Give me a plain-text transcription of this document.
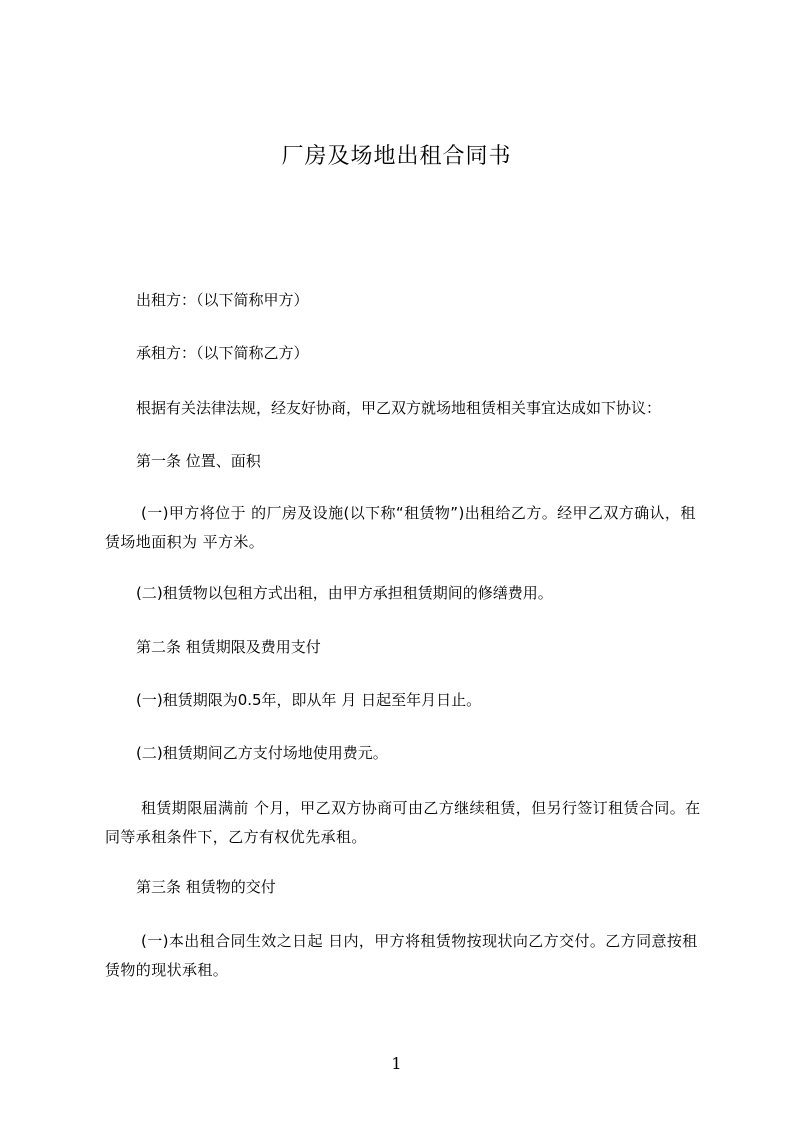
厂房及场地出租合同书

出租方：（以下简称甲方）

承租方：（以下简称乙方）

根据有关法律法规，经友好协商，甲乙双方就场地租赁相关事宜达成如下协议：

第一条 位置、面积

(一)甲方将位于 的厂房及设施(以下称“租赁物”)出租给乙方。经甲乙双方确认，租赁场地面积为 平方米。

(二)租赁物以包租方式出租，由甲方承担租赁期间的修缮费用。

第二条 租赁期限及费用支付

(一)租赁期限为0.5年，即从年 月 日起至年月日止。

(二)租赁期间乙方支付场地使用费元。

租赁期限届满前 个月，甲乙双方协商可由乙方继续租赁，但另行签订租赁合同。在同等承租条件下，乙方有权优先承租。

第三条 租赁物的交付

(一)本出租合同生效之日起 日内，甲方将租赁物按现状向乙方交付。乙方同意按租赁物的现状承租。

1
